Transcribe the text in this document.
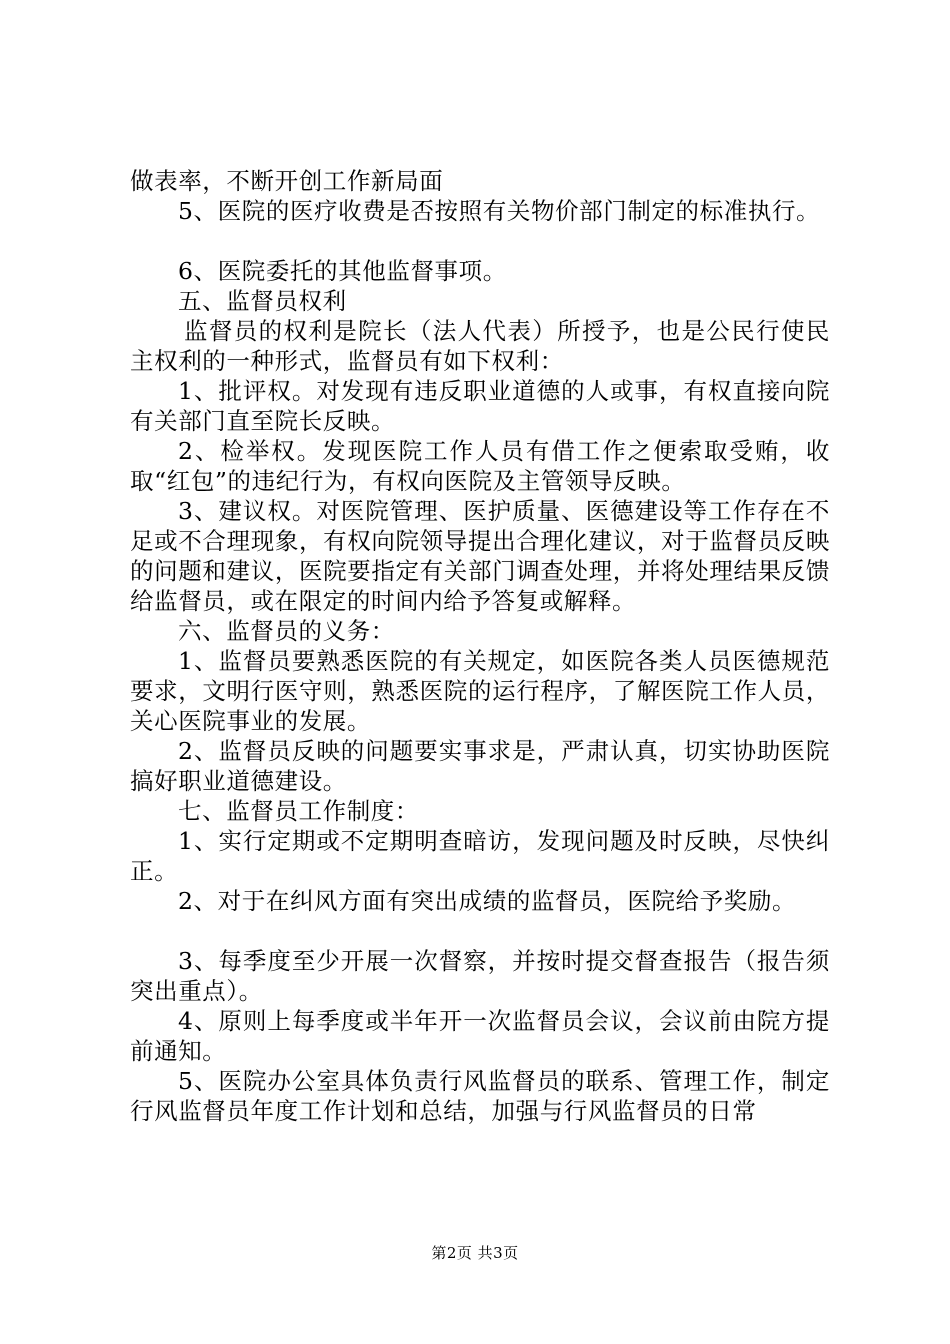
做表率，不断开创工作新局面

5、医院的医疗收费是否按照有关物价部门制定的标准执行。

6、医院委托的其他监督事项。

五、监督员权利

监督员的权利是院长（法人代表）所授予，也是公民行使民主权利的一种形式，监督员有如下权利：

1、批评权。对发现有违反职业道德的人或事，有权直接向院有关部门直至院长反映。

2、检举权。发现医院工作人员有借工作之便索取受贿，收取“红包”的违纪行为，有权向医院及主管领导反映。

3、建议权。对医院管理、医护质量、医德建设等工作存在不足或不合理现象，有权向院领导提出合理化建议，对于监督员反映的问题和建议，医院要指定有关部门调查处理，并将处理结果反馈给监督员，或在限定的时间内给予答复或解释。

六、监督员的义务：

1、监督员要熟悉医院的有关规定，如医院各类人员医德规范要求，文明行医守则，熟悉医院的运行程序，了解医院工作人员，关心医院事业的发展。

2、监督员反映的问题要实事求是，严肃认真，切实协助医院搞好职业道德建设。

七、监督员工作制度：

1、实行定期或不定期明查暗访，发现问题及时反映，尽快纠正。

2、对于在纠风方面有突出成绩的监督员，医院给予奖励。

3、每季度至少开展一次督察，并按时提交督查报告（报告须突出重点）。

4、原则上每季度或半年开一次监督员会议，会议前由院方提前通知。

5、医院办公室具体负责行风监督员的联系、管理工作，制定行风监督员年度工作计划和总结，加强与行风监督员的日常

第2页 共3页
